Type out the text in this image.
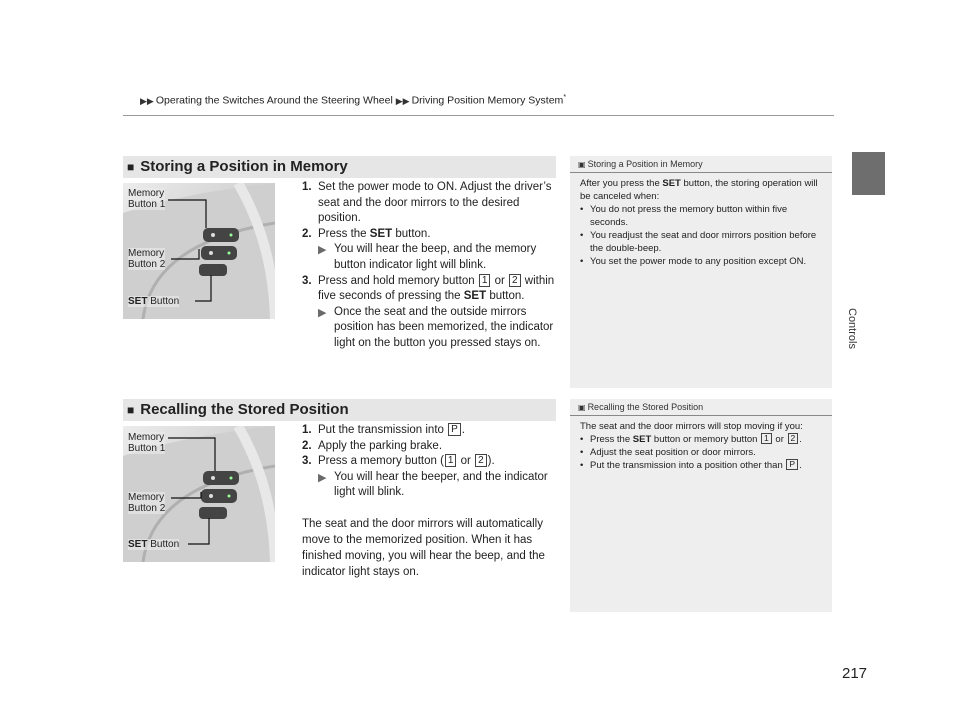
▶▶ Operating the Switches Around the Steering Wheel ▶▶ Driving Position Memory System*
Controls
217
■ Storing a Position in Memory
Memory
Button 1
Memory
Button 2
SET Button
1. Set the power mode to ON. Adjust the driver’s seat and the door mirrors to the desired position.
2. Press the SET button.
▶ You will hear the beep, and the memory button indicator light will blink.
3. Press and hold memory button 1 or 2 within five seconds of pressing the SET button.
▶ Once the seat and the outside mirrors position has been memorized, the indicator light on the button you pressed stays on.
▣ Storing a Position in Memory
After you press the SET button, the storing operation will be canceled when:
• You do not press the memory button within five seconds.
• You readjust the seat and door mirrors position before the double-beep.
• You set the power mode to any position except ON.
■ Recalling the Stored Position
Memory
Button 1
Memory
Button 2
SET Button
1. Put the transmission into P .
2. Apply the parking brake.
3. Press a memory button ( 1 or 2 ).
▶ You will hear the beeper, and the indicator light will blink.
The seat and the door mirrors will automatically move to the memorized position. When it has finished moving, you will hear the beep, and the indicator light stays on.
▣ Recalling the Stored Position
The seat and the door mirrors will stop moving if you:
• Press the SET button or memory button 1 or 2 .
• Adjust the seat position or door mirrors.
• Put the transmission into a position other than P .
